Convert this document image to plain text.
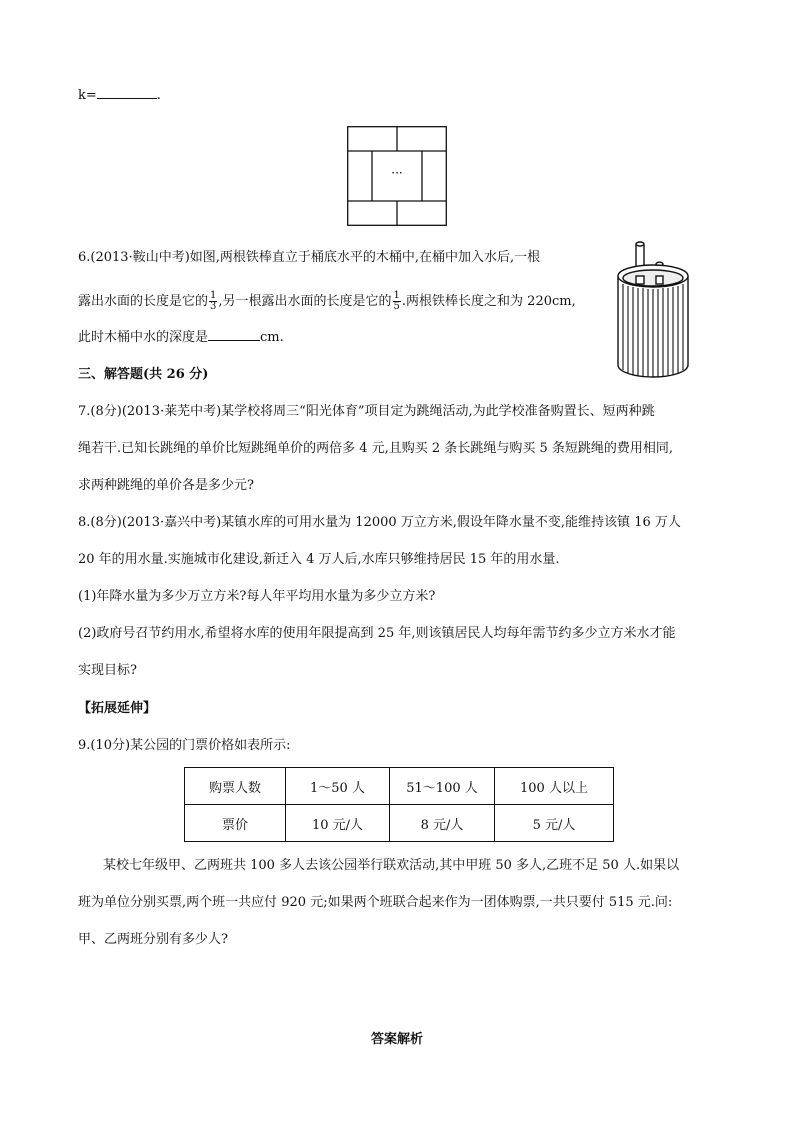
k=	.
···
6.(2013·鞍山中考)如图,两根铁棒直立于桶底水平的木桶中,在桶中加入水后,一根
露出水面的长度是它的 $\frac{1}{3}$ ,另一根露出水面的长度是它的 $\frac{1}{5}$ .两根铁棒长度之和为 220cm,
此时木桶中水的深度是	cm.
三、解答题(共 26 分)
7.(8分)(2013·莱芜中考)某学校将周三“阳光体育”项目定为跳绳活动,为此学校准备购置长、短两种跳
绳若干.已知长跳绳的单价比短跳绳单价的两倍多 4 元,且购买 2 条长跳绳与购买 5 条短跳绳的费用相同,
求两种跳绳的单价各是多少元?
8.(8分)(2013·嘉兴中考)某镇水库的可用水量为 12000 万立方米,假设年降水量不变,能维持该镇 16 万人
20 年的用水量.实施城市化建设,新迁入 4 万人后,水库只够维持居民 15 年的用水量.
(1)年降水量为多少万立方米?每人年平均用水量为多少立方米?
(2)政府号召节约用水,希望将水库的使用年限提高到 25 年,则该镇居民人均每年需节约多少立方米水才能
实现目标?
【拓展延伸】
9.(10分)某公园的门票价格如表所示:
购票人数	1～50 人	51～100 人	100 人以上
票价	10 元/人	8 元/人	5 元/人
某校七年级甲、乙两班共 100 多人去该公园举行联欢活动,其中甲班 50 多人,乙班不足 50 人.如果以
班为单位分别买票,两个班一共应付 920 元;如果两个班联合起来作为一团体购票,一共只要付 515 元.问:
甲、乙两班分别有多少人?
答案解析
